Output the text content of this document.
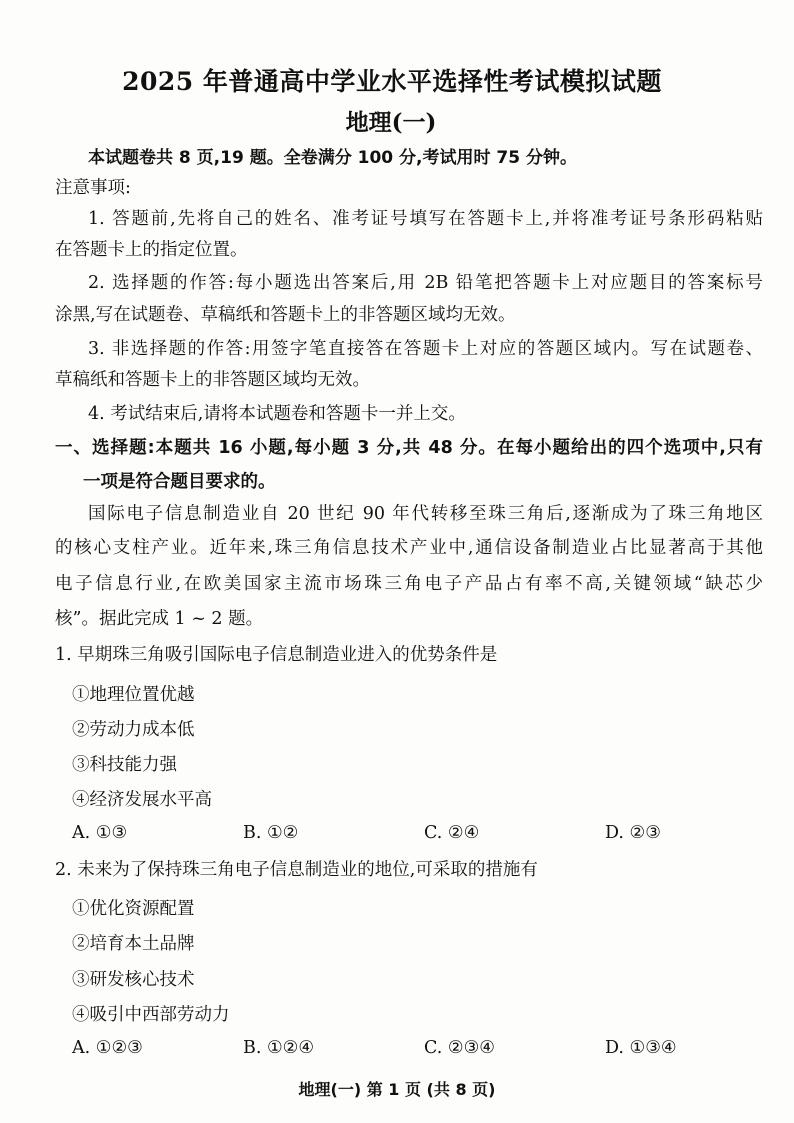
2025 年普通高中学业水平选择性考试模拟试题
地理(一)
本试题卷共 8 页,19 题。全卷满分 100 分,考试用时 75 分钟。
注意事项:
1. 答题前,先将自己的姓名、准考证号填写在答题卡上,并将准考证号条形码粘贴
在答题卡上的指定位置。
2. 选择题的作答:每小题选出答案后,用 2B 铅笔把答题卡上对应题目的答案标号
涂黑,写在试题卷、草稿纸和答题卡上的非答题区域均无效。
3. 非选择题的作答:用签字笔直接答在答题卡上对应的答题区域内。写在试题卷、
草稿纸和答题卡上的非答题区域均无效。
4. 考试结束后,请将本试题卷和答题卡一并上交。
一、选择题:本题共 16 小题,每小题 3 分,共 48 分。在每小题给出的四个选项中,只有
一项是符合题目要求的。
国际电子信息制造业自 20 世纪 90 年代转移至珠三角后,逐渐成为了珠三角地区
的核心支柱产业。近年来,珠三角信息技术产业中,通信设备制造业占比显著高于其他
电子信息行业,在欧美国家主流市场珠三角电子产品占有率不高,关键领域“缺芯少
核”。据此完成 1 ~ 2 题。
1. 早期珠三角吸引国际电子信息制造业进入的优势条件是
①地理位置优越
②劳动力成本低
③科技能力强
④经济发展水平高
A. ①③	B. ①②	C. ②④	D. ②③
2. 未来为了保持珠三角电子信息制造业的地位,可采取的措施有
①优化资源配置
②培育本土品牌
③研发核心技术
④吸引中西部劳动力
A. ①②③	B. ①②④	C. ②③④	D. ①③④
地理(一) 第 1 页 (共 8 页)
